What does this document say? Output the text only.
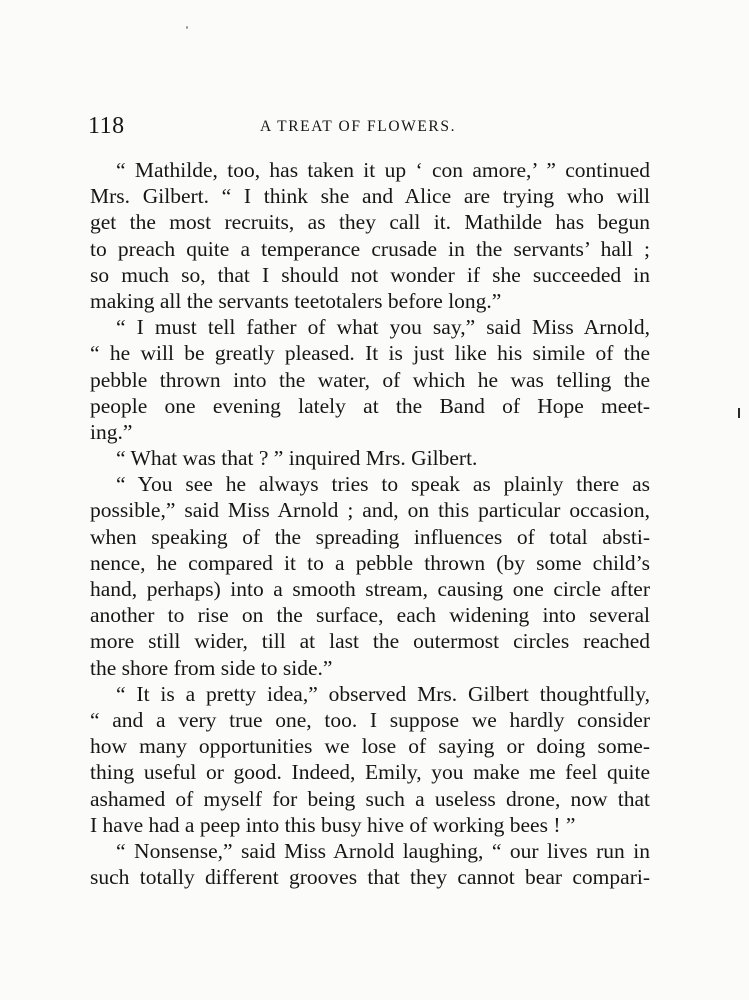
118	A TREAT OF FLOWERS.
“ Mathilde, too, has taken it up ‘ con amore,’ ” continued
Mrs. Gilbert. “ I think she and Alice are trying who will
get the most recruits, as they call it. Mathilde has begun
to preach quite a temperance crusade in the servants’ hall ;
so much so, that I should not wonder if she succeeded in
making all the servants teetotalers before long.”
“ I must tell father of what you say,” said Miss Arnold,
“ he will be greatly pleased. It is just like his simile of the
pebble thrown into the water, of which he was telling the
people one evening lately at the Band of Hope meet-
ing.”
“ What was that ? ” inquired Mrs. Gilbert.
“ You see he always tries to speak as plainly there as
possible,” said Miss Arnold ; and, on this particular occasion,
when speaking of the spreading influences of total absti-
nence, he compared it to a pebble thrown (by some child’s
hand, perhaps) into a smooth stream, causing one circle after
another to rise on the surface, each widening into several
more still wider, till at last the outermost circles reached
the shore from side to side.”
“ It is a pretty idea,” observed Mrs. Gilbert thoughtfully,
“ and a very true one, too. I suppose we hardly consider
how many opportunities we lose of saying or doing some-
thing useful or good. Indeed, Emily, you make me feel quite
ashamed of myself for being such a useless drone, now that
I have had a peep into this busy hive of working bees ! ”
“ Nonsense,” said Miss Arnold laughing, “ our lives run in
such totally different grooves that they cannot bear compari-
